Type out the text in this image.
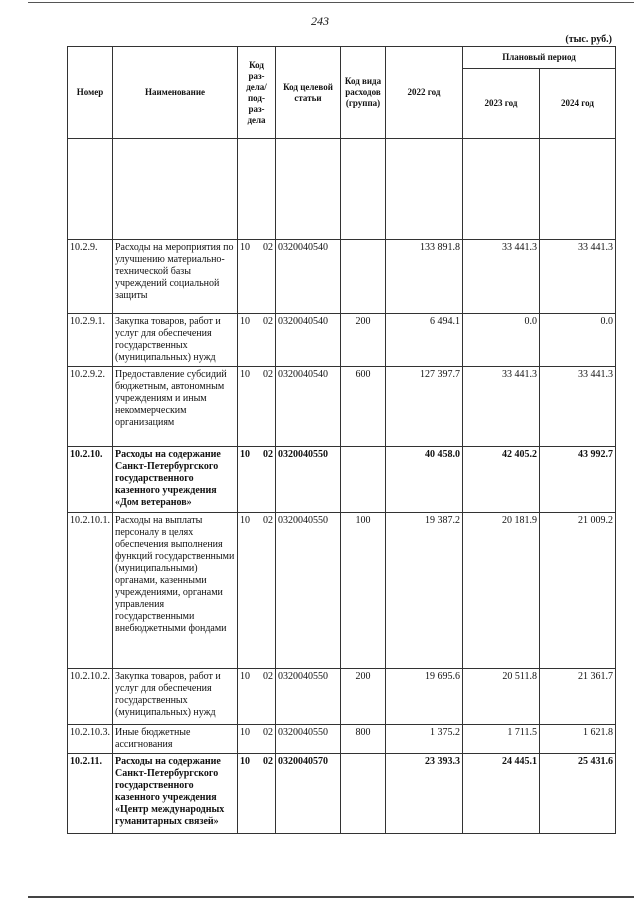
243
(тыс. руб.)
Номер	Наименование	Код раз-дела/ под-раз-дела	Код целевой статьи	Код вида расходов (группа)	2022 год	Плановый период	
						2023 год	2024 год

10.2.9.	Расходы на мероприятия по улучшению материально-технической базы учреждений социальной защиты	10 02	0320040540		133 891.8	33 441.3	33 441.3
10.2.9.1.	Закупка товаров, работ и услуг для обеспечения государственных (муниципальных) нужд	10 02	0320040540	200	6 494.1	0.0	0.0
10.2.9.2.	Предоставление субсидий бюджетным, автономным учреждениям и иным некоммерческим организациям	10 02	0320040540	600	127 397.7	33 441.3	33 441.3
10.2.10.	Расходы на содержание Санкт-Петербургского государственного казенного учреждения «Дом ветеранов»	10 02	0320040550		40 458.0	42 405.2	43 992.7
10.2.10.1.	Расходы на выплаты персоналу в целях обеспечения выполнения функций государственными (муниципальными) органами, казенными учреждениями, органами управления государственными внебюджетными фондами	10 02	0320040550	100	19 387.2	20 181.9	21 009.2
10.2.10.2.	Закупка товаров, работ и услуг для обеспечения государственных (муниципальных) нужд	10 02	0320040550	200	19 695.6	20 511.8	21 361.7
10.2.10.3.	Иные бюджетные ассигнования	10 02	0320040550	800	1 375.2	1 711.5	1 621.8
10.2.11.	Расходы на содержание Санкт-Петербургского государственного казенного учреждения «Центр международных гуманитарных связей»	10 02	0320040570		23 393.3	24 445.1	25 431.6
